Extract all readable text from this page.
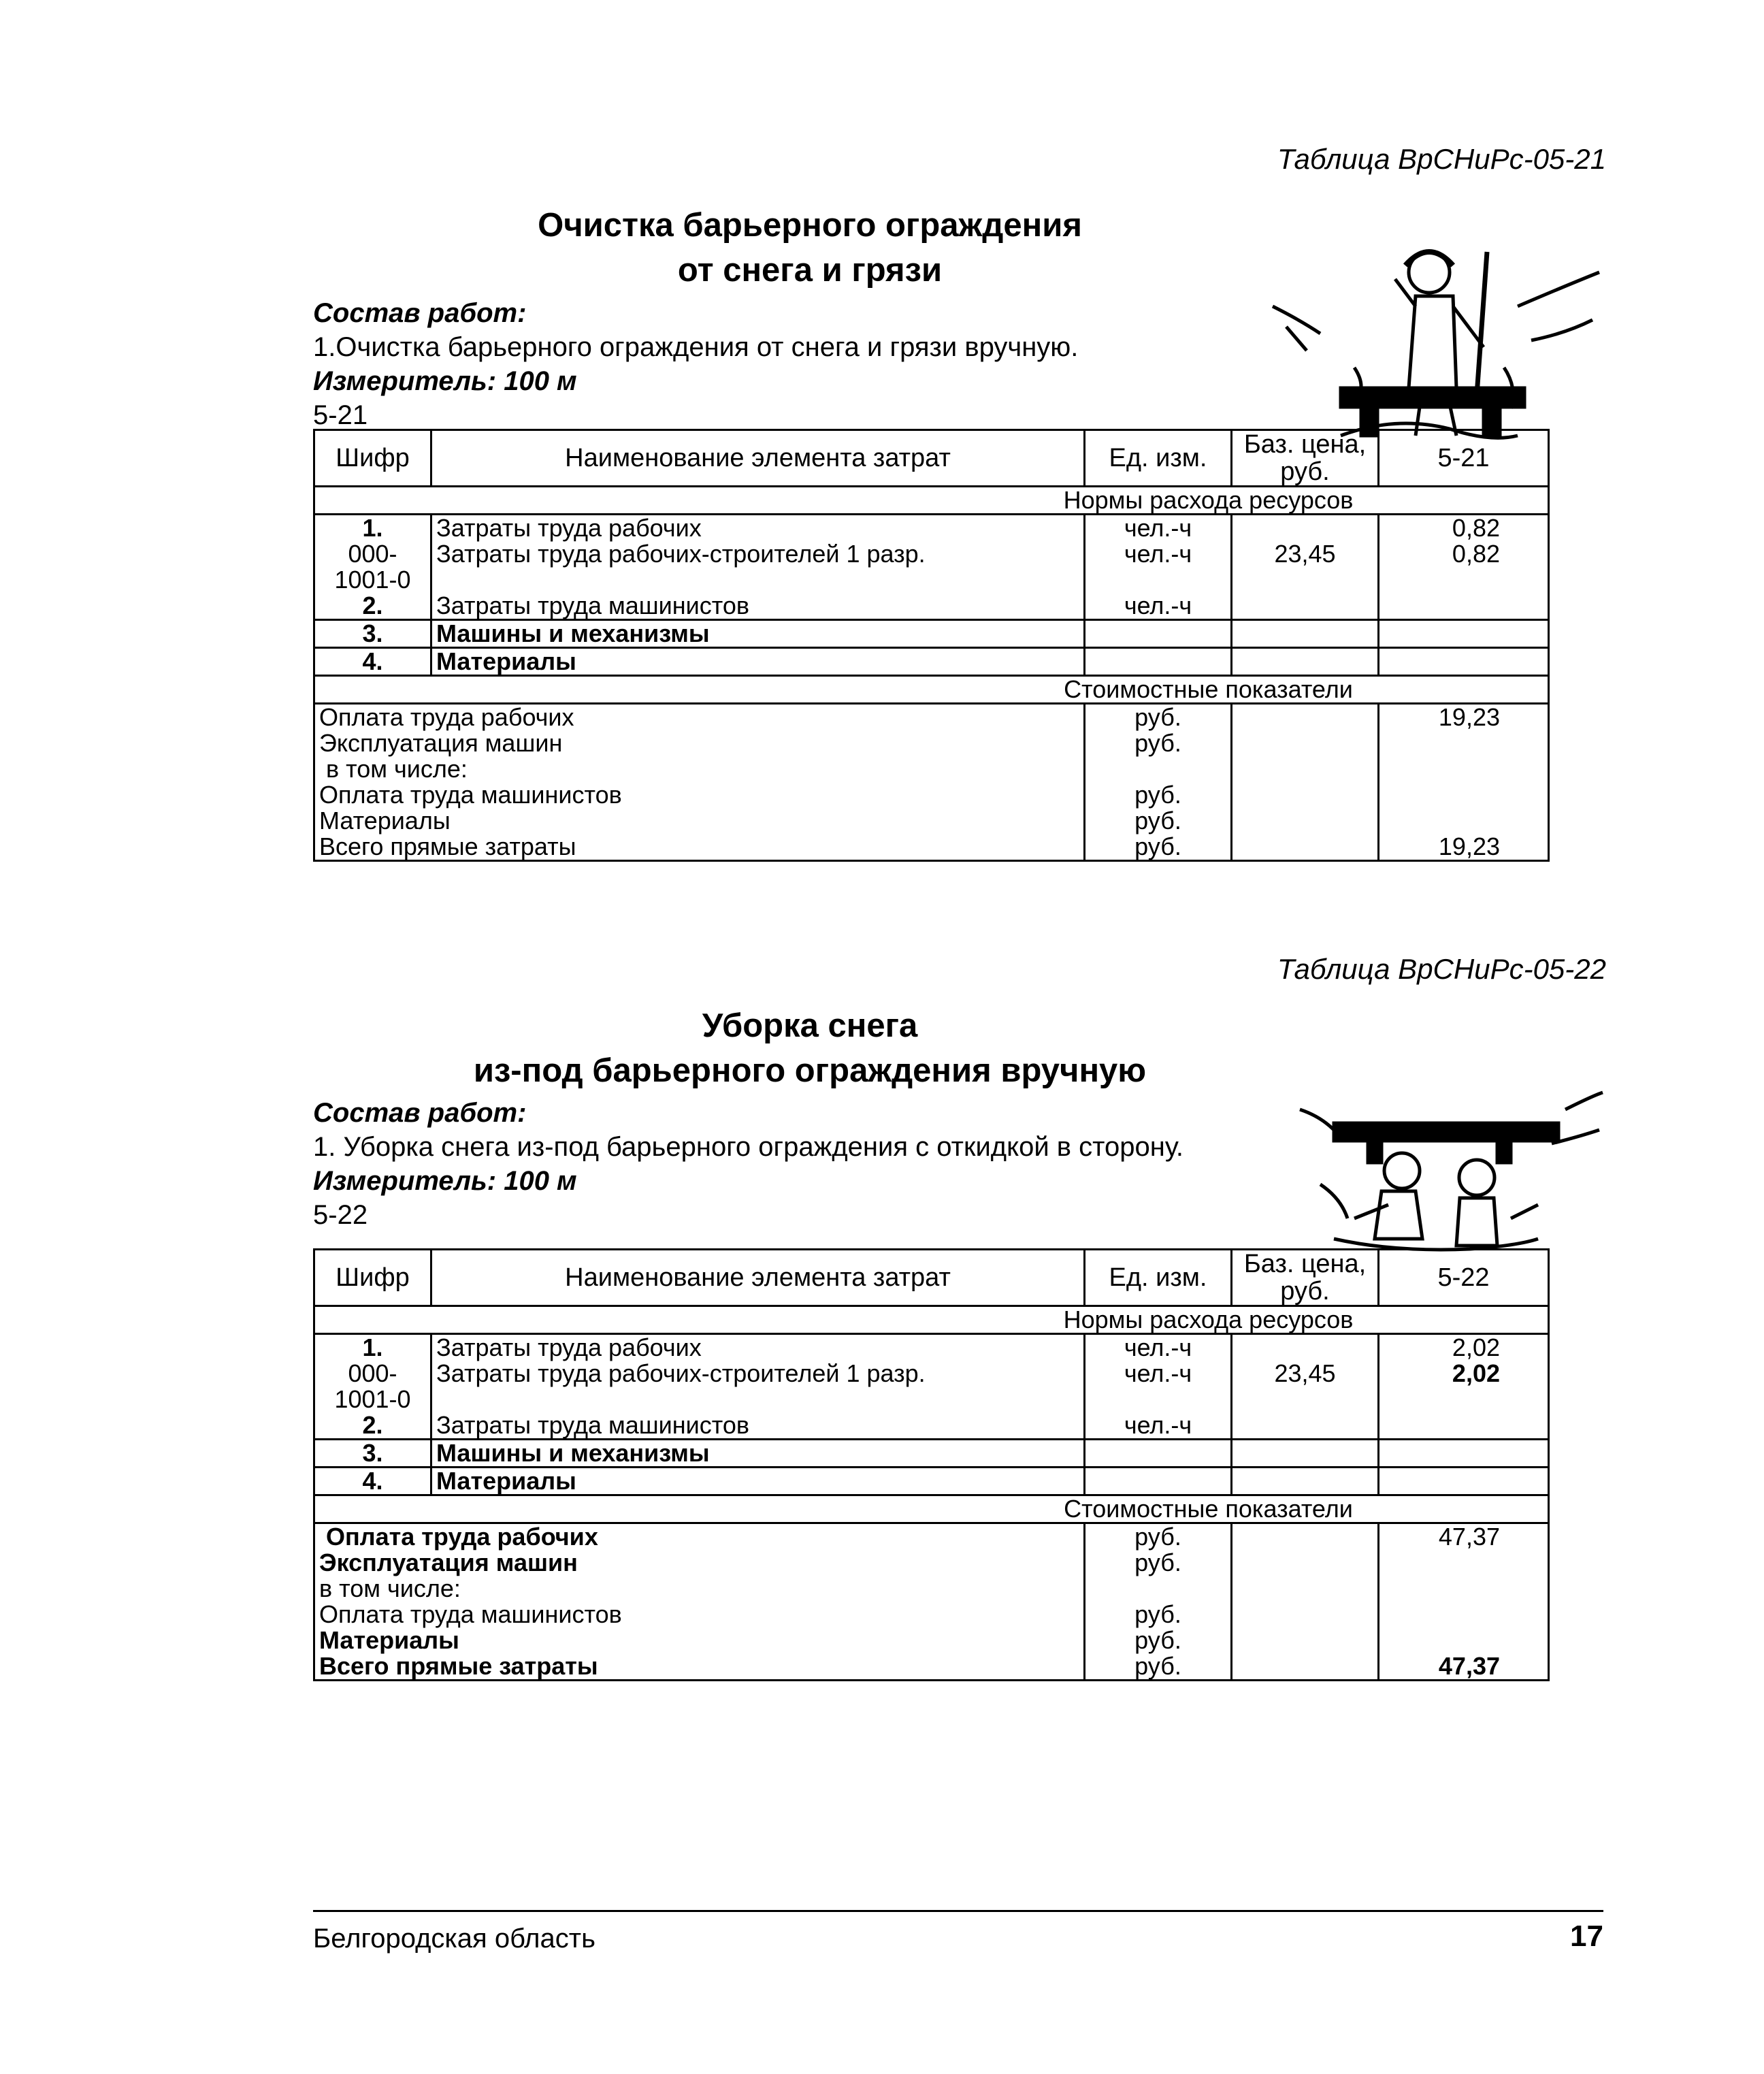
Таблица ВрСНиРс-05-21
Очистка барьерного ограждения
от снега и грязи
Состав работ:
1.Очистка барьерного ограждения от снега и грязи вручную.
Измеритель: 100 м
5-21
Шифр	Наименование элемента затрат	Ед. изм.	Баз. цена, руб.	5-21
Нормы расхода ресурсов				
1.	Затраты труда рабочих	чел.-ч		0,82
000-1001-0	Затраты труда рабочих-строителей 1 разр.	чел.-ч	23,45	0,82
2.	Затраты труда машинистов	чел.-ч		
3.	Машины и механизмы			
4.	Материалы			
Стоимостные показатели				
Оплата труда рабочих		руб.		19,23
Эксплуатация машин		руб.		
в том числе:				
Оплата труда машинистов		руб.		
Материалы		руб.		
Всего прямые затраты		руб.		19,23
Таблица ВрСНиРс-05-22
Уборка снега
из-под барьерного ограждения вручную
Состав работ:
1. Уборка снега из-под барьерного ограждения с откидкой в сторону.
Измеритель: 100 м
5-22
Шифр	Наименование элемента затрат	Ед. изм.	Баз. цена, руб.	5-22
Нормы расхода ресурсов				
1.	Затраты труда рабочих	чел.-ч		2,02
000-1001-0	Затраты труда рабочих-строителей 1 разр.	чел.-ч	23,45	2,02
2.	Затраты труда машинистов	чел.-ч		
3.	Машины и механизмы			
4.	Материалы			
Стоимостные показатели				
Оплата труда рабочих		руб.		47,37
Эксплуатация машин		руб.		
в том числе:				
Оплата труда машинистов		руб.		
Материалы		руб.		
Всего прямые затраты		руб.		47,37
Белгородская область	17
